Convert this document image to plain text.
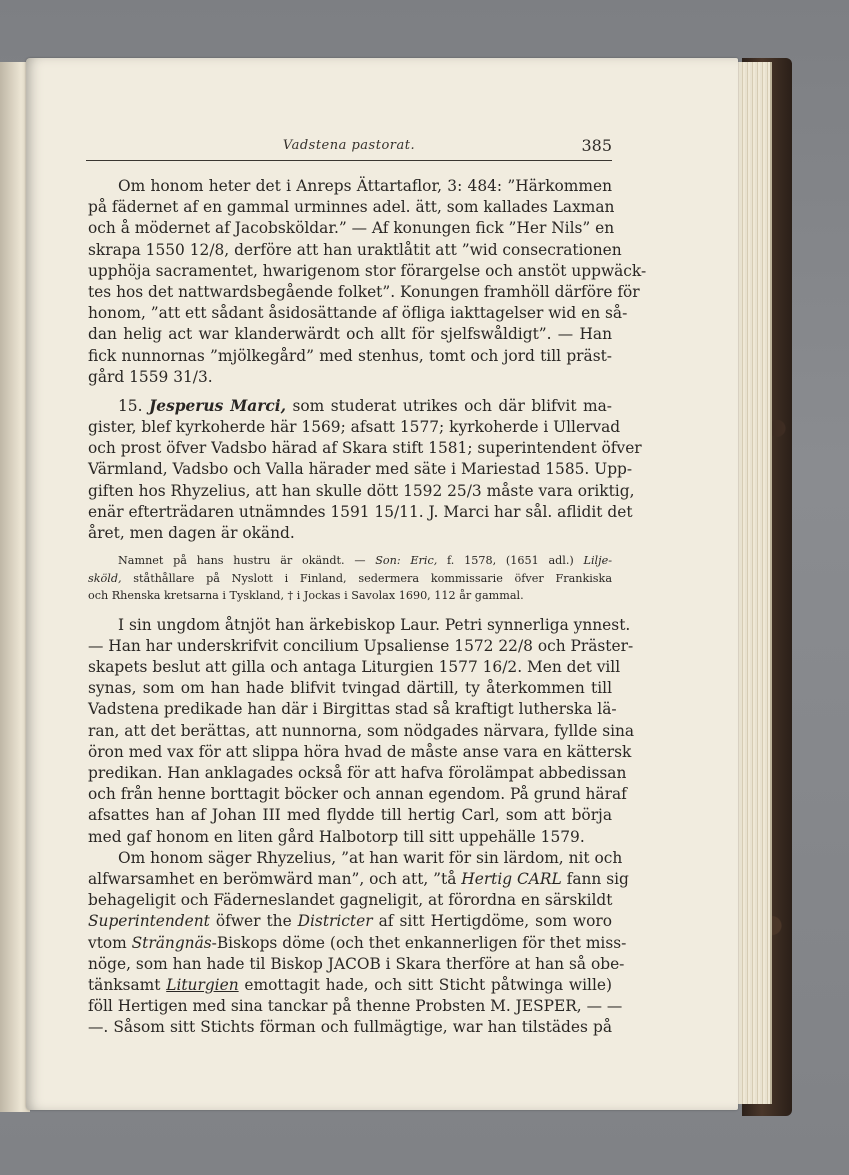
Vadstena pastorat.	385
Om honom heter det i Anreps Ättartaflor, 3: 484: ”Härkommen
på fädernet af en gammal urminnes adel. ätt, som kallades Laxman
och å mödernet af Jacobsköldar.” — Af konungen fick ”Her Nils” en
skrapa 1550 12/8, derföre att han uraktlåtit att ”wid consecrationen
upphöja sacramentet, hwarigenom stor förargelse och anstöt uppwäck-
tes hos det nattwardsbegående folket”. Konungen framhöll därföre för
honom, ”att ett sådant åsidosättande af öfliga iakttagelser wid en så-
dan helig act war klanderwärdt och allt för sjelfswåldigt”. — Han
fick nunnornas ”mjölkegård” med stenhus, tomt och jord till präst-
gård 1559 31/3.
15. Jesperus Marci, som studerat utrikes och där blifvit ma-
gister, blef kyrkoherde här 1569; afsatt 1577; kyrkoherde i Ullervad
och prost öfver Vadsbo härad af Skara stift 1581; superintendent öfver
Värmland, Vadsbo och Valla härader med säte i Mariestad 1585. Upp-
giften hos Rhyzelius, att han skulle dött 1592 25/3 måste vara oriktig,
enär efterträdaren utnämndes 1591 15/11. J. Marci har sål. aflidit det
året, men dagen är okänd.
Namnet på hans hustru är okändt. — Son: Eric, f. 1578, (1651 adl.) Lilje-
sköld, ståthållare på Nyslott i Finland, sedermera kommissarie öfver Frankiska
och Rhenska kretsarna i Tyskland, † i Jockas i Savolax 1690, 112 år gammal.
I sin ungdom åtnjöt han ärkebiskop Laur. Petri synnerliga ynnest.
— Han har underskrifvit concilium Upsaliense 1572 22/8 och Präster-
skapets beslut att gilla och antaga Liturgien 1577 16/2. Men det vill
synas, som om han hade blifvit tvingad därtill, ty återkommen till
Vadstena predikade han där i Birgittas stad så kraftigt lutherska lä-
ran, att det berättas, att nunnorna, som nödgades närvara, fyllde sina
öron med vax för att slippa höra hvad de måste anse vara en kättersk
predikan. Han anklagades också för att hafva förolämpat abbedissan
och från henne borttagit böcker och annan egendom. På grund häraf
afsattes han af Johan III med flydde till hertig Carl, som att börja
med gaf honom en liten gård Halbotorp till sitt uppehälle 1579.
Om honom säger Rhyzelius, ”at han warit för sin lärdom, nit och
alfwarsamhet en berömwärd man”, och att, ”tå Hertig CARL fann sig
behageligit och Fäderneslandet gagneligit, at förordna en särskildt
Superintendent öfwer the Districter af sitt Hertigdöme, som woro
vtom Strängnäs-Biskops döme (och thet enkannerligen för thet miss-
nöge, som han hade til Biskop JACOB i Skara therföre at han så obe-
tänksamt Liturgien emottagit hade, och sitt Sticht påtwinga wille)
föll Hertigen med sina tanckar på thenne Probsten M. JESPER, — —
—. Såsom sitt Stichts förman och fullmägtige, war han tilstädes på
